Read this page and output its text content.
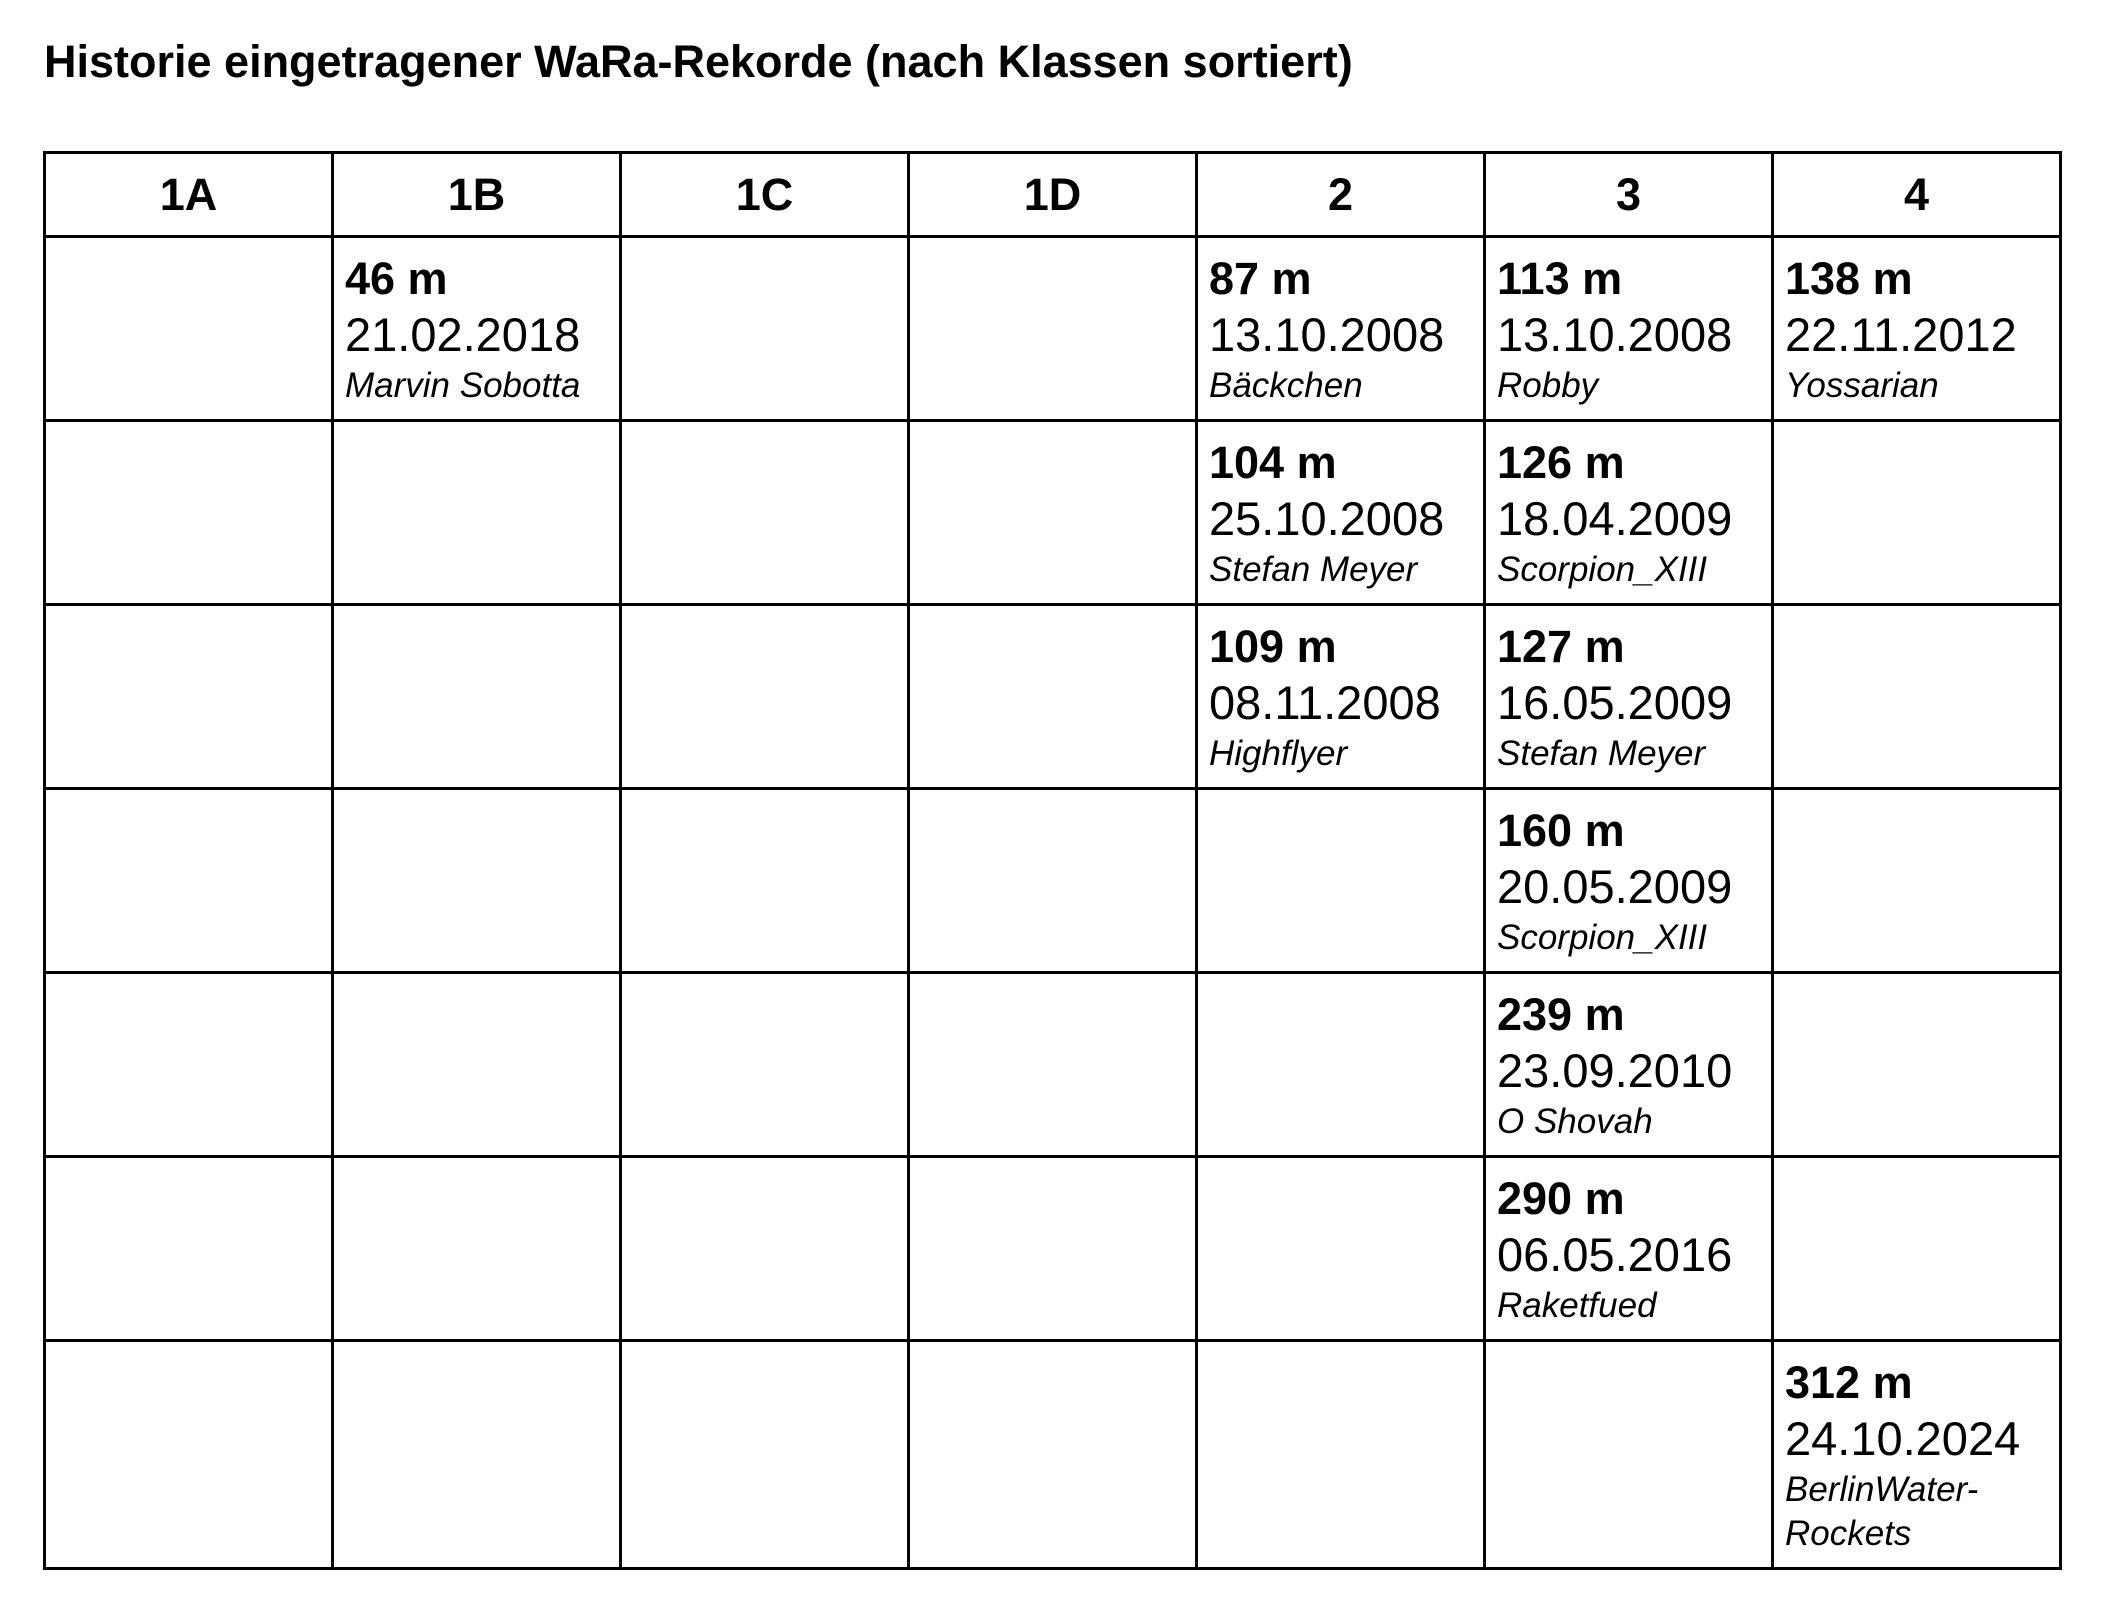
Historie eingetragener WaRa-Rekorde (nach Klassen sortiert)
1A	1B	1C	1D	2	3	4

	46 m
21.02.2018
Marvin Sobotta			87 m
13.10.2008
Bäckchen	113 m
13.10.2008
Robby	138 m
22.11.2012
Yossarian

				104 m
25.10.2008
Stefan Meyer	126 m
18.04.2009
Scorpion_XIII	

				109 m
08.11.2008
Highflyer	127 m
16.05.2009
Stefan Meyer	

					160 m
20.05.2009
Scorpion_XIII	

					239 m
23.09.2010
O Shovah	

					290 m
06.05.2016
Raketfued	

						312 m
24.10.2024
BerlinWater-
Rockets
